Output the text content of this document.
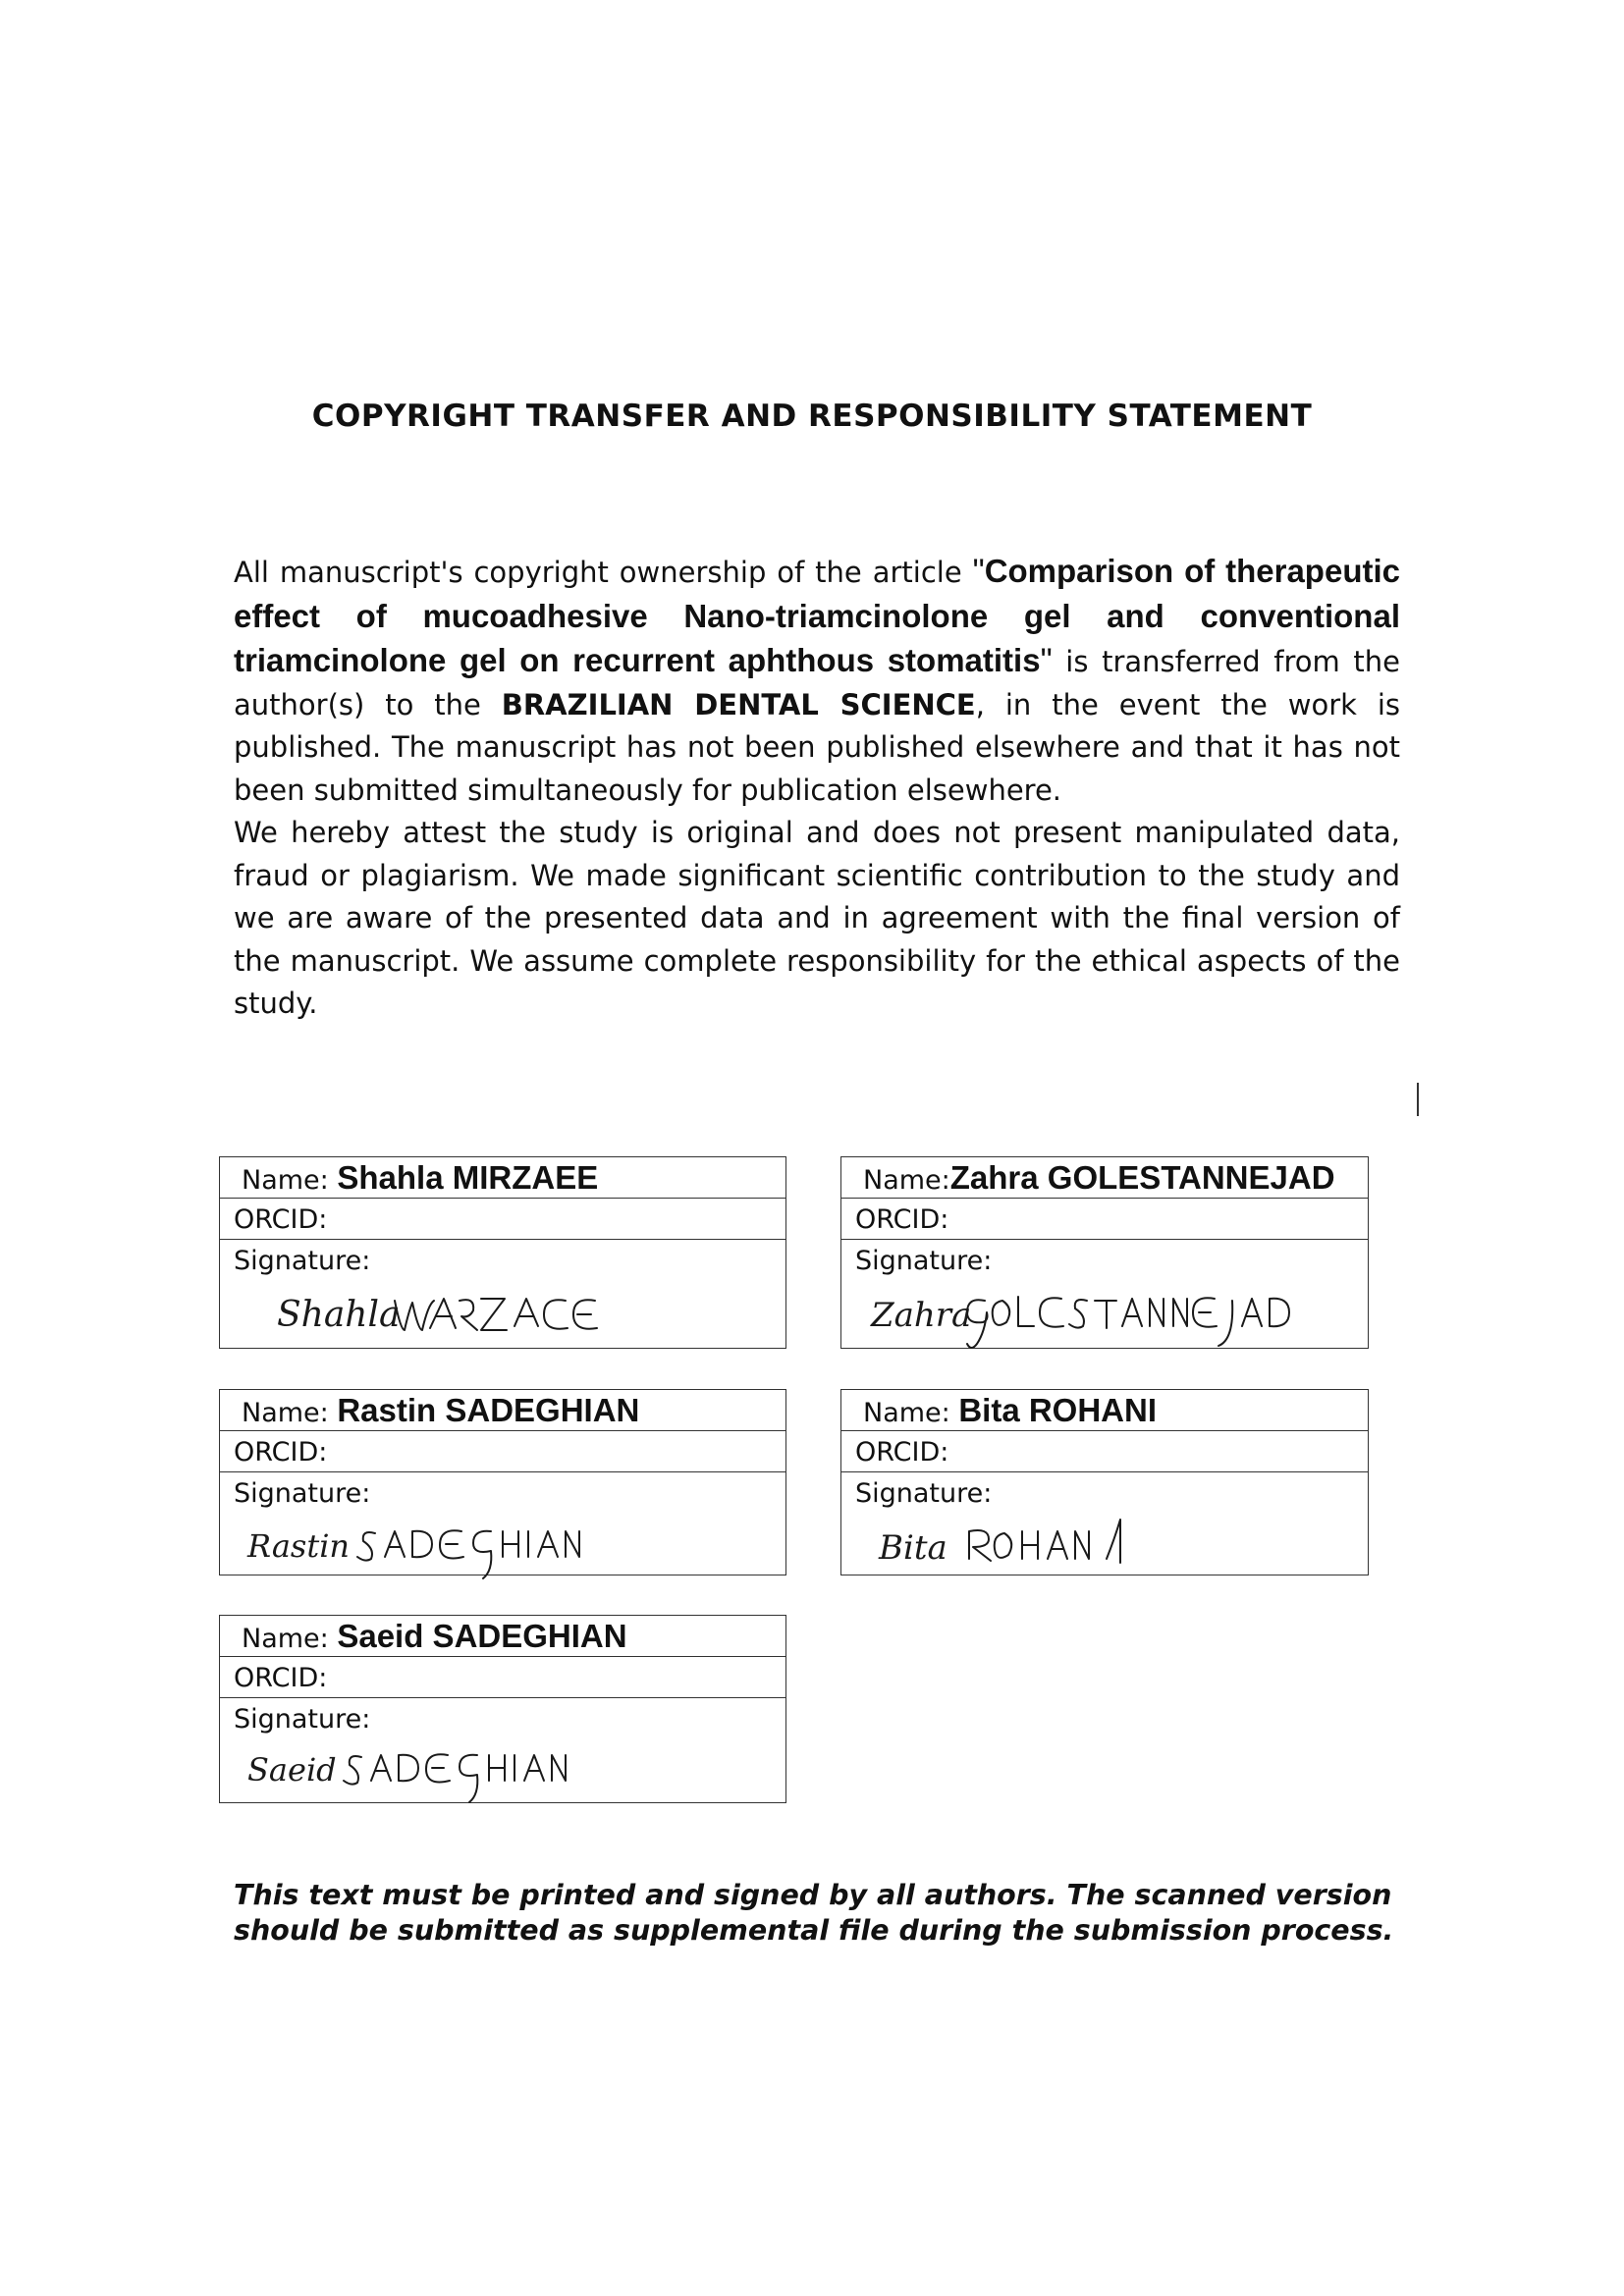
COPYRIGHT TRANSFER AND RESPONSIBILITY STATEMENT

All manuscript's copyright ownership of the article "Comparison of therapeutic effect of mucoadhesive Nano-triamcinolone gel and conventional triamcinolone gel on recurrent aphthous stomatitis" is transferred from the author(s) to the BRAZILIAN DENTAL SCIENCE, in the event the work is published. The manuscript has not been published elsewhere and that it has not been submitted simultaneously for publication elsewhere.

We hereby attest the study is original and does not present manipulated data, fraud or plagiarism. We made significant scientific contribution to the study and we are aware of the presented data and in agreement with the final version of the manuscript. We assume complete responsibility for the ethical aspects of the study.

Name: Shahla MIRZAEE
ORCID:
Signature:
Shahla
Name:Zahra GOLESTANNEJAD
ORCID:
Signature:
Zahra
Name: Rastin SADEGHIAN
ORCID:
Signature:
Rastin
Name: Bita ROHANI
ORCID:
Signature:
Bita
Name: Saeid SADEGHIAN
ORCID:
Signature:
Saeid
This text must be printed and signed by all authors. The scanned version should be submitted as supplemental file during the submission process.
